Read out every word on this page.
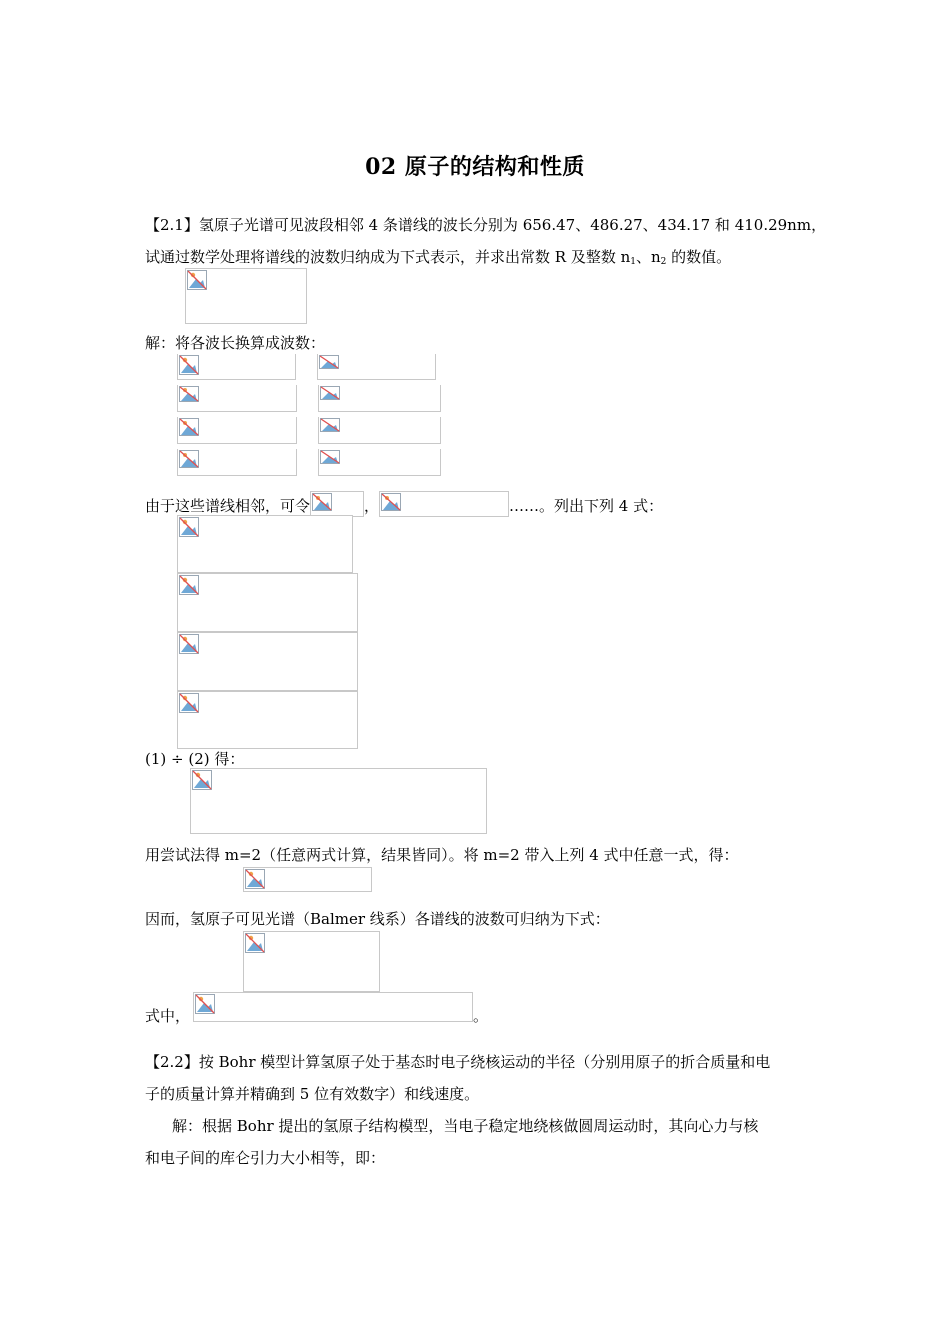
02 原子的结构和性质
【2.1】氢原子光谱可见波段相邻 4 条谱线的波长分别为 656.47、486.27、434.17 和 410.29nm，
试通过数学处理将谱线的波数归纳成为下式表示，并求出常数 R 及整数 $n_1$、$n_2$ 的数值。
解：将各波长换算成波数：
由于这些谱线相邻，可令	，	……。列出下列 4 式：
(1) ÷ (2) 得：
用尝试法得 m=2（任意两式计算，结果皆同）。将 m=2 带入上列 4 式中任意一式，得：
因而，氢原子可见光谱（Balmer 线系）各谱线的波数可归纳为下式：
式中，	。
【2.2】按 Bohr 模型计算氢原子处于基态时电子绕核运动的半径（分别用原子的折合质量和电
子的质量计算并精确到 5 位有效数字）和线速度。
解：根据 Bohr 提出的氢原子结构模型，当电子稳定地绕核做圆周运动时，其向心力与核
和电子间的库仑引力大小相等，即：
